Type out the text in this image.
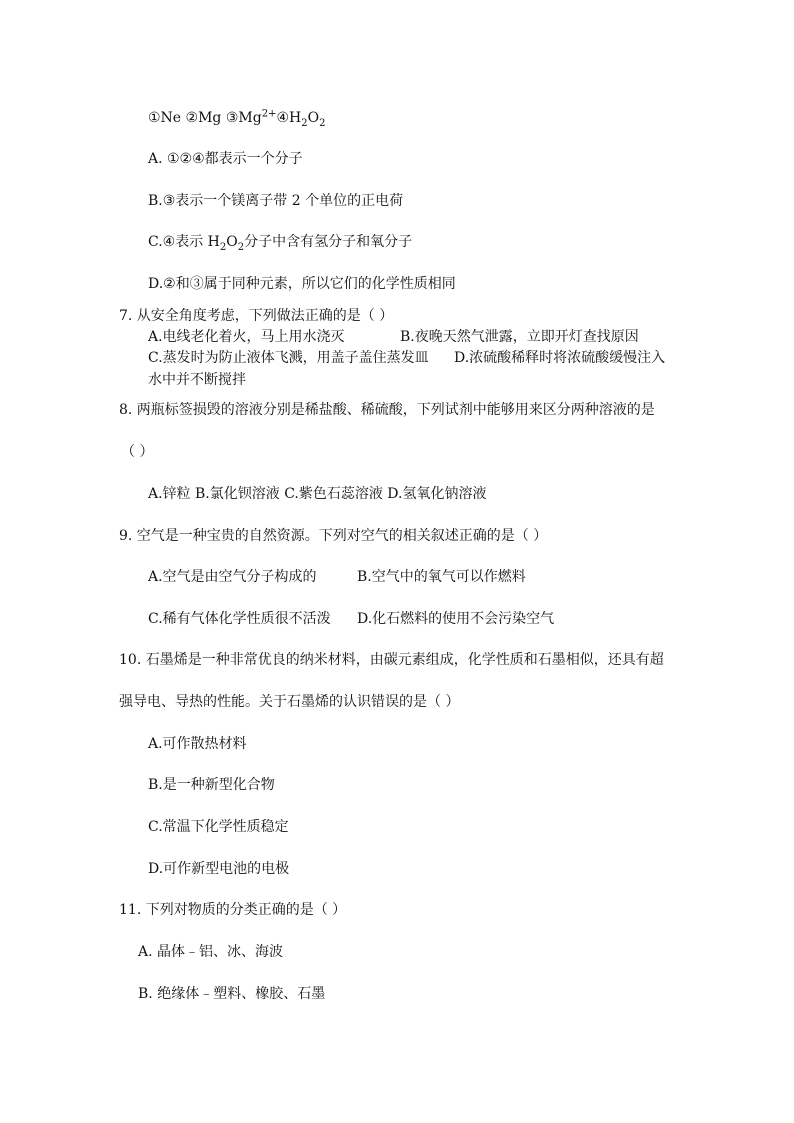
①Ne ②Mg $③Mg^{2+}④H_2O_2$
A. ①②④都表示一个分子
B.③表示一个镁离子带 2 个单位的正电荷
C.④表示 $H_2O_2$分子中含有氢分子和氧分子
D.②和③属于同种元素，所以它们的化学性质相同
7. 从安全角度考虑，下列做法正确的是（ ）
A.电线老化着火，马上用水浇灭	B.夜晚天然气泄露，立即开灯查找原因
C.蒸发时为防止液体飞溅，用盖子盖住蒸发皿 D.浓硫酸稀释时将浓硫酸缓慢注入
水中并不断搅拌
8. 两瓶标签损毁的溶液分别是稀盐酸、稀硫酸，下列试剂中能够用来区分两种溶液的是
（ ）
A.锌粒 B.氯化钡溶液 C.紫色石蕊溶液 D.氢氧化钠溶液
9. 空气是一种宝贵的自然资源。下列对空气的相关叙述正确的是（ ）
A.空气是由空气分子构成的	B.空气中的氧气可以作燃料
C.稀有气体化学性质很不活泼 D.化石燃料的使用不会污染空气
10. 石墨烯是一种非常优良的纳米材料，由碳元素组成，化学性质和石墨相似，还具有超
强导电、导热的性能。关于石墨烯的认识错误的是（ ）
A.可作散热材料
B.是一种新型化合物
C.常温下化学性质稳定
D.可作新型电池的电极
11. 下列对物质的分类正确的是（ ）
A. 晶体﹣铝、冰、海波
B. 绝缘体﹣塑料、橡胶、石墨
